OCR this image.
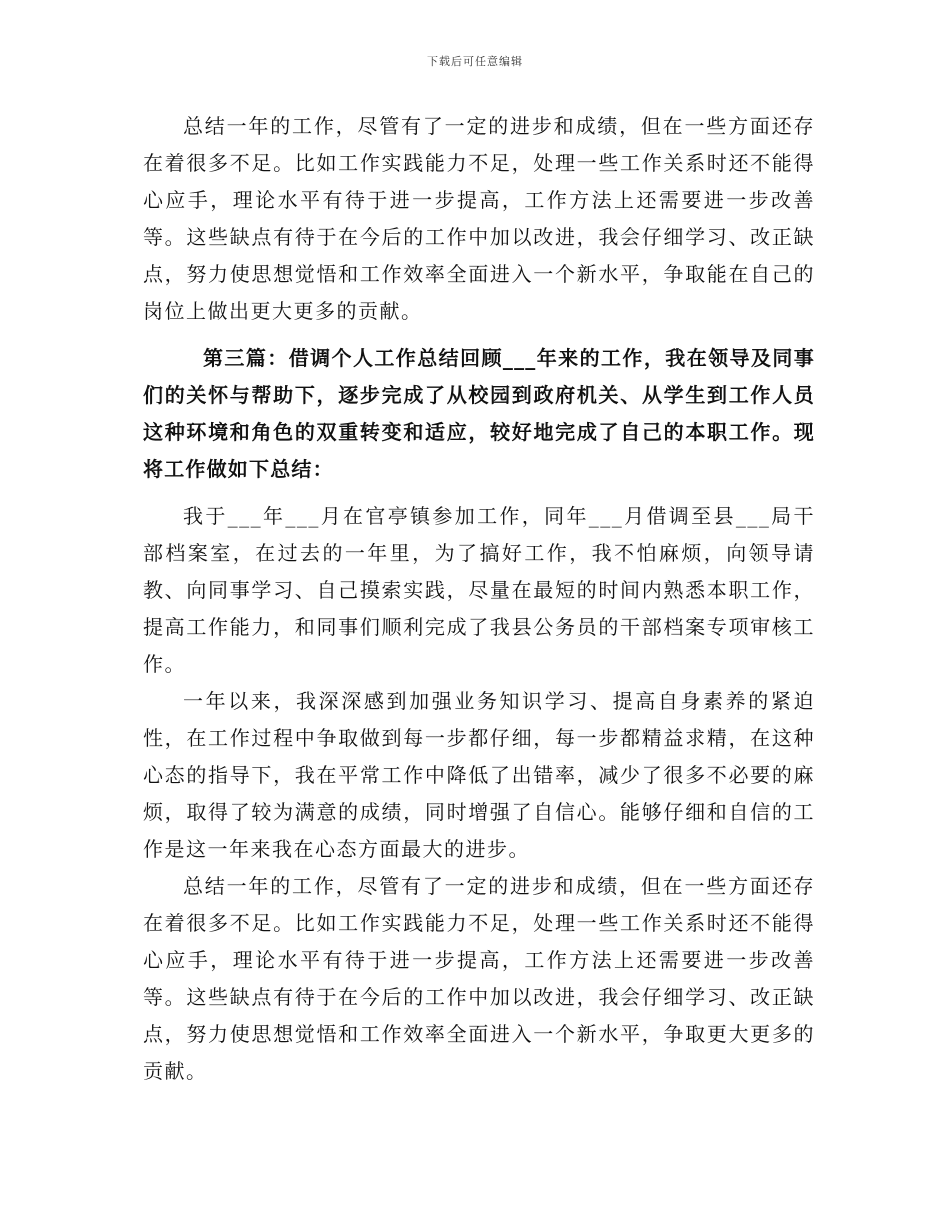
下载后可任意编辑

总结一年的工作，尽管有了一定的进步和成绩，但在一些方面还存在着很多不足。比如工作实践能力不足，处理一些工作关系时还不能得心应手，理论水平有待于进一步提高，工作方法上还需要进一步改善等。这些缺点有待于在今后的工作中加以改进，我会仔细学习、改正缺点，努力使思想觉悟和工作效率全面进入一个新水平，争取能在自己的岗位上做出更大更多的贡献。

第三篇：借调个人工作总结回顾___年来的工作，我在领导及同事们的关怀与帮助下，逐步完成了从校园到政府机关、从学生到工作人员这种环境和角色的双重转变和适应，较好地完成了自己的本职工作。现将工作做如下总结：

我于___年___月在官亭镇参加工作，同年___月借调至县___局干部档案室，在过去的一年里，为了搞好工作，我不怕麻烦，向领导请教、向同事学习、自己摸索实践，尽量在最短的时间内熟悉本职工作，提高工作能力，和同事们顺利完成了我县公务员的干部档案专项审核工作。

一年以来，我深深感到加强业务知识学习、提高自身素养的紧迫性，在工作过程中争取做到每一步都仔细，每一步都精益求精，在这种心态的指导下，我在平常工作中降低了出错率，减少了很多不必要的麻烦，取得了较为满意的成绩，同时增强了自信心。能够仔细和自信的工作是这一年来我在心态方面最大的进步。

总结一年的工作，尽管有了一定的进步和成绩，但在一些方面还存在着很多不足。比如工作实践能力不足，处理一些工作关系时还不能得心应手，理论水平有待于进一步提高，工作方法上还需要进一步改善等。这些缺点有待于在今后的工作中加以改进，我会仔细学习、改正缺点，努力使思想觉悟和工作效率全面进入一个新水平，争取更大更多的贡献。
